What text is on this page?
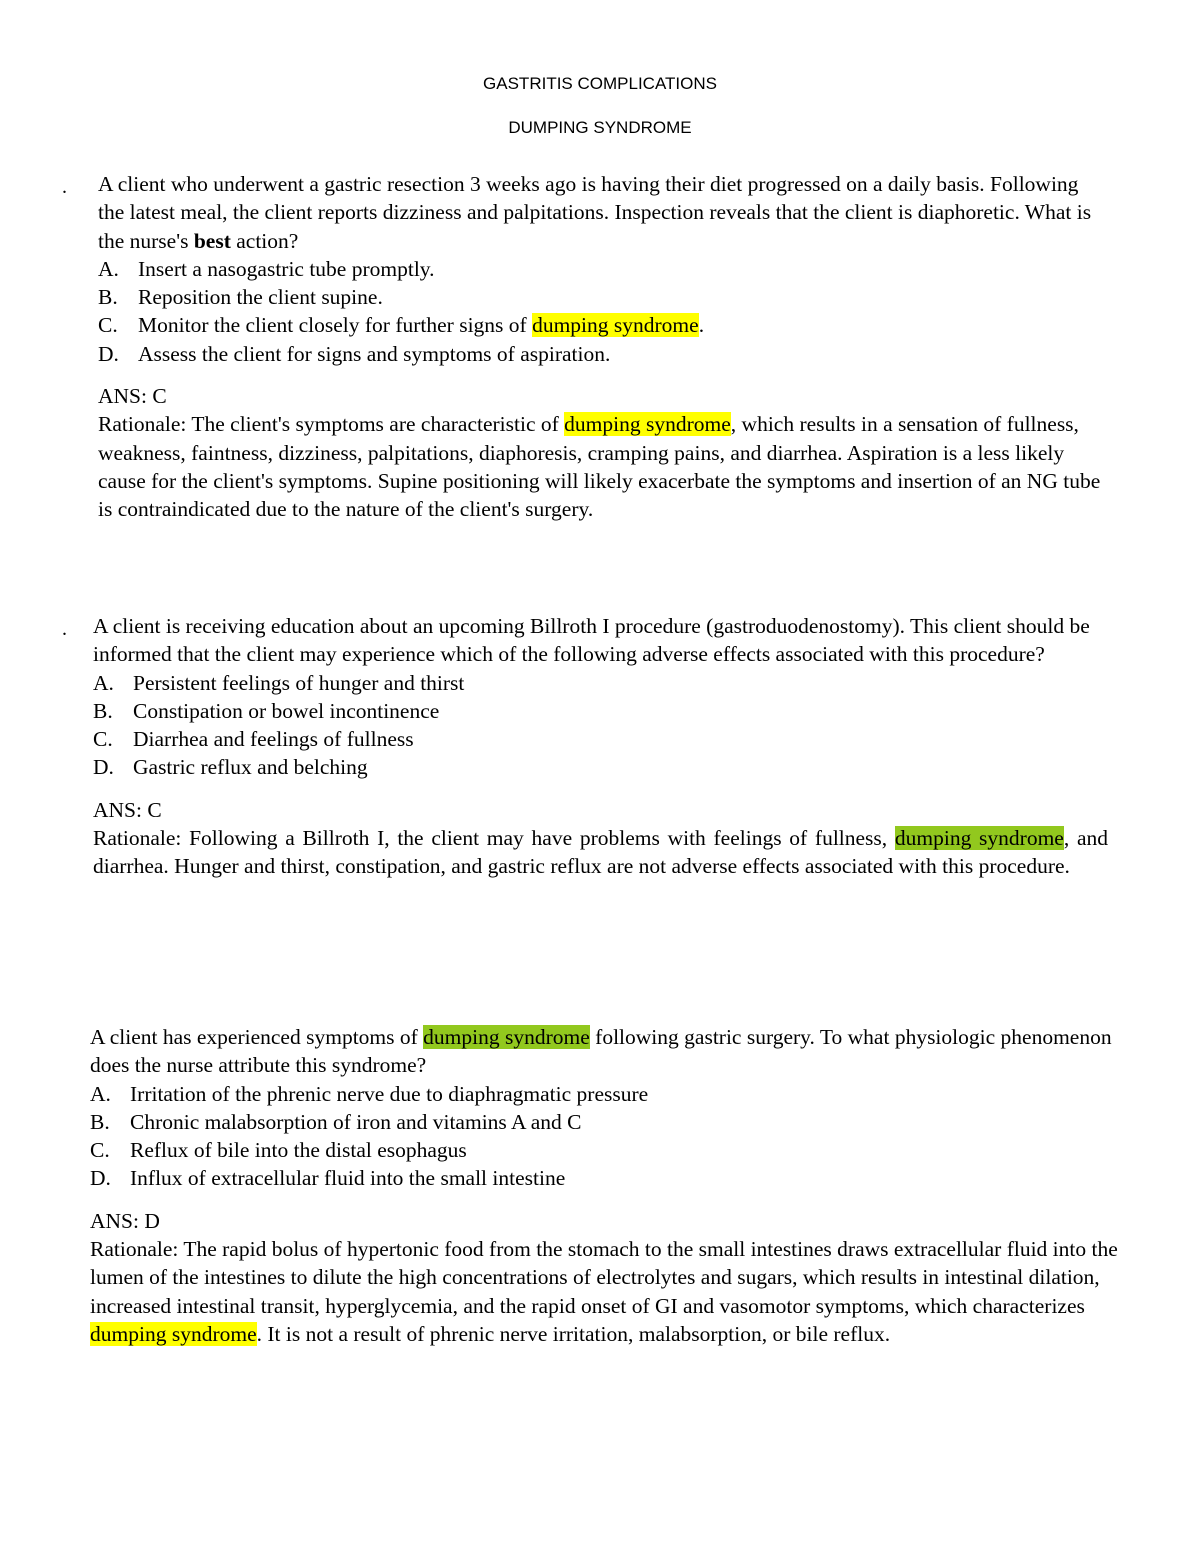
GASTRITIS COMPLICATIONS
DUMPING SYNDROME
. A client who underwent a gastric resection 3 weeks ago is having their diet progressed on a daily basis. Following the latest meal, the client reports dizziness and palpitations. Inspection reveals that the client is diaphoretic. What is the nurse's best action?

A. Insert a nasogastric tube promptly.

B. Reposition the client supine.

C. Monitor the client closely for further signs of dumping syndrome.

D. Assess the client for signs and symptoms of aspiration.

ANS: C

Rationale: The client's symptoms are characteristic of dumping syndrome, which results in a sensation of fullness, weakness, faintness, dizziness, palpitations, diaphoresis, cramping pains, and diarrhea. Aspiration is a less likely cause for the client's symptoms. Supine positioning will likely exacerbate the symptoms and insertion of an NG tube is contraindicated due to the nature of the client's surgery.

. A client is receiving education about an upcoming Billroth I procedure (gastroduodenostomy). This client should be informed that the client may experience which of the following adverse effects associated with this procedure?

A. Persistent feelings of hunger and thirst

B. Constipation or bowel incontinence

C. Diarrhea and feelings of fullness

D. Gastric reflux and belching

ANS: C

Rationale: Following a Billroth I, the client may have problems with feelings of fullness, dumping syndrome, and diarrhea. Hunger and thirst, constipation, and gastric reflux are not adverse effects associated with this procedure.

A client has experienced symptoms of dumping syndrome following gastric surgery. To what physiologic phenomenon does the nurse attribute this syndrome?

A. Irritation of the phrenic nerve due to diaphragmatic pressure

B. Chronic malabsorption of iron and vitamins A and C

C. Reflux of bile into the distal esophagus

D. Influx of extracellular fluid into the small intestine

ANS: D

Rationale: The rapid bolus of hypertonic food from the stomach to the small intestines draws extracellular fluid into the lumen of the intestines to dilute the high concentrations of electrolytes and sugars, which results in intestinal dilation, increased intestinal transit, hyperglycemia, and the rapid onset of GI and vasomotor symptoms, which characterizes dumping syndrome. It is not a result of phrenic nerve irritation, malabsorption, or bile reflux.
